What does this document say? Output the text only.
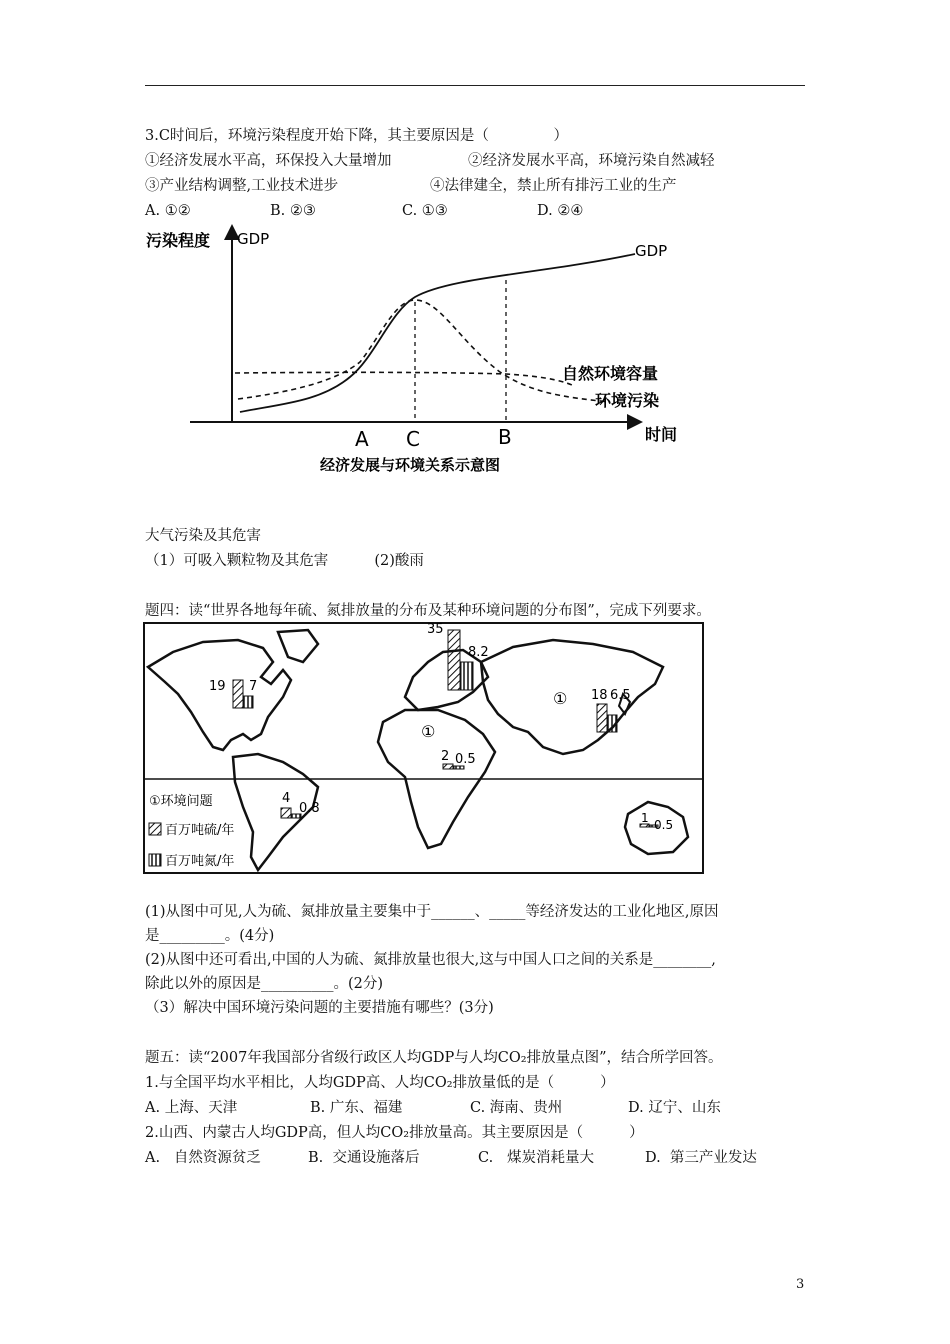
3.C时间后，环境污染程度开始下降，其主要原因是（              ）
①经济发展水平高，环保投入大量增加	②经济发展水平高，环境污染自然减轻
③产业结构调整,工业技术进步	④法律建全，禁止所有排污工业的生产
A. ①②	B. ②③	C. ①③	D. ②④
污染程度 GDP
GDP
自然环境容量
环境污染
时间
A C	B
经济发展与环境关系示意图
大气污染及其危害
（1）可吸入颗粒物及其危害          (2)酸雨
题四：读“世界各地每年硫、氮排放量的分布及某种环境问题的分布图”，完成下列要求。
35
8.2
19 7
18 6.5
2 0.5
4
0.8
1 0.5
①
①
①环境问题
百万吨硫/年
百万吨氮/年
(1)从图中可见,人为硫、氮排放量主要集中于______、_____等经济发达的工业化地区,原因
是_________。(4分)
(2)从图中还可看出,中国的人为硫、氮排放量也很大,这与中国人口之间的关系是________,
除此以外的原因是__________。(2分)
（3）解决中国环境污染问题的主要措施有哪些？(3分)
题五：读“2007年我国部分省级行政区人均GDP与人均CO₂排放量点图”，结合所学回答。
1.与全国平均水平相比，人均GDP高、人均CO₂排放量低的是（          ）
A. 上海、天津	B. 广东、福建	C. 海南、贵州	D. 辽宁、山东
2.山西、内蒙古人均GDP高，但人均CO₂排放量高。其主要原因是（          ）
A.   自然资源贫乏	B.  交通设施落后	C.   煤炭消耗量大	D.  第三产业发达
3
